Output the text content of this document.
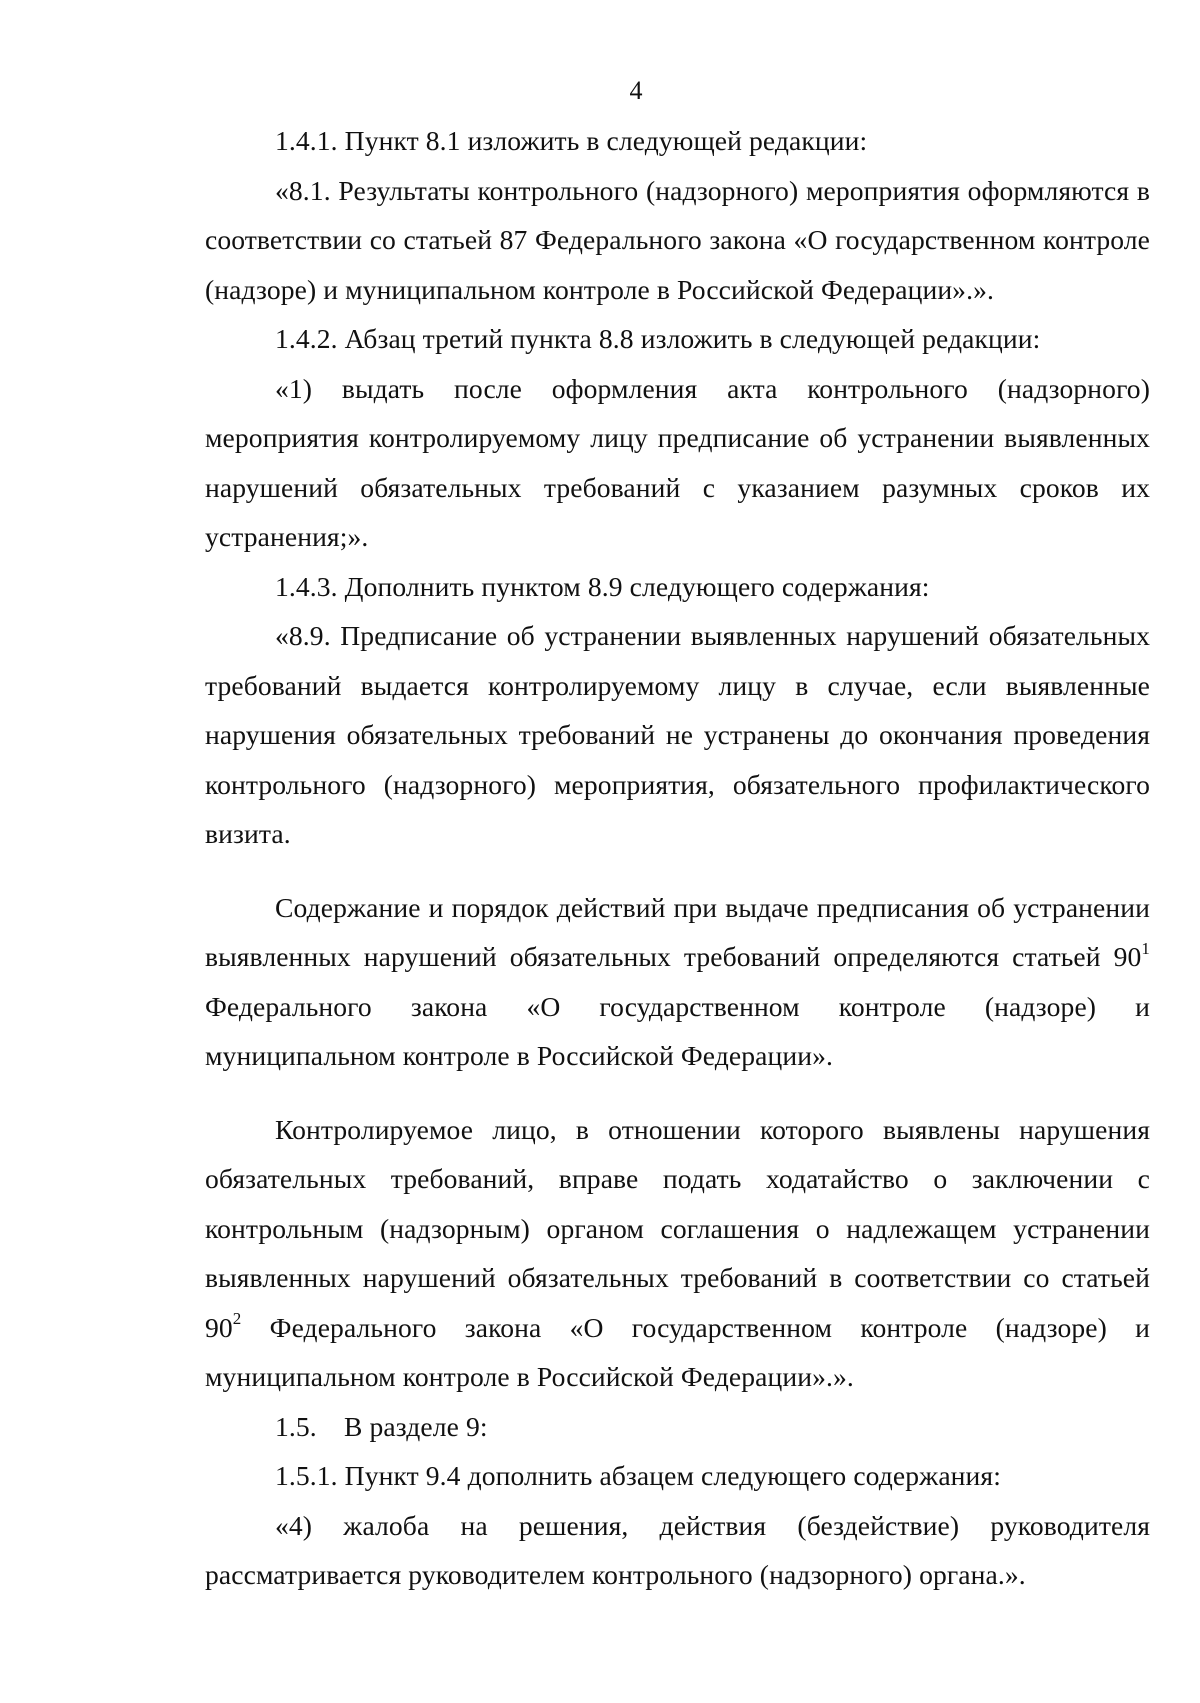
4

1.4.1. Пункт 8.1 изложить в следующей редакции:

«8.1. Результаты контрольного (надзорного) мероприятия оформляются в соответствии со статьей 87 Федерального закона «О государственном контроле (надзоре) и муниципальном контроле в Российской Федерации».».

1.4.2. Абзац третий пункта 8.8 изложить в следующей редакции:

«1) выдать после оформления акта контрольного (надзорного) мероприятия контролируемому лицу предписание об устранении выявленных нарушений обязательных требований с указанием разумных сроков их устранения;».

1.4.3. Дополнить пунктом 8.9 следующего содержания:

«8.9. Предписание об устранении выявленных нарушений обязательных требований выдается контролируемому лицу в случае, если выявленные нарушения обязательных требований не устранены до окончания проведения контрольного (надзорного) мероприятия, обязательного профилактического визита.

Содержание и порядок действий при выдаче предписания об устранении выявленных нарушений обязательных требований определяются статьей $90^1$ Федерального закона «О государственном контроле (надзоре) и муниципальном контроле в Российской Федерации».

Контролируемое лицо, в отношении которого выявлены нарушения обязательных требований, вправе подать ходатайство о заключении с контрольным (надзорным) органом соглашения о надлежащем устранении выявленных нарушений обязательных требований в соответствии со статьей $90^2$ Федерального закона «О государственном контроле (надзоре) и муниципальном контроле в Российской Федерации».».

1.5. В разделе 9:

1.5.1. Пункт 9.4 дополнить абзацем следующего содержания:

«4) жалоба на решения, действия (бездействие) руководителя рассматривается руководителем контрольного (надзорного) органа.».
